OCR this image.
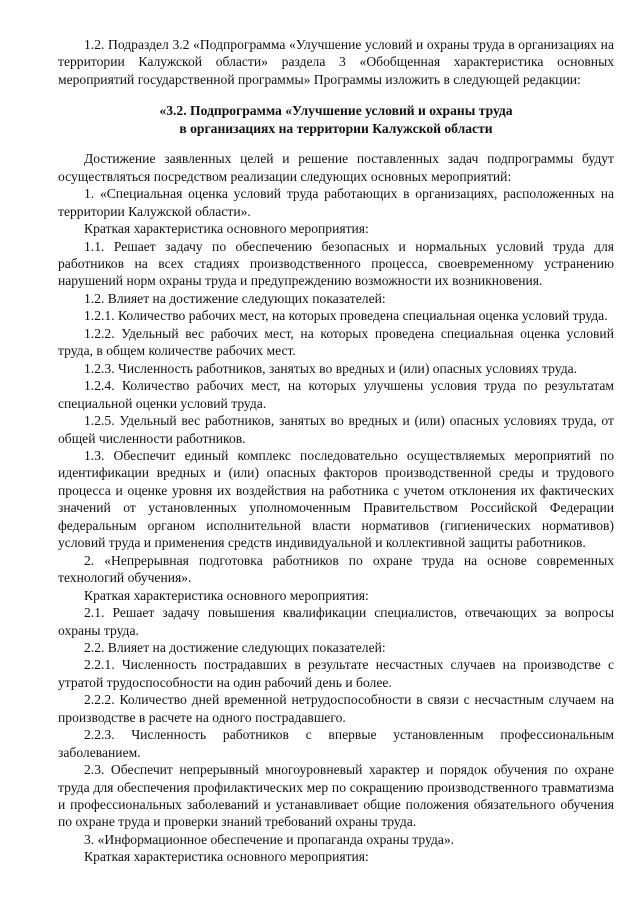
1.2. Подраздел 3.2 «Подпрограмма «Улучшение условий и охраны труда в организациях на территории Калужской области» раздела 3 «Обобщенная характеристика основных мероприятий государственной программы» Программы изложить в следующей редакции:

«3.2. Подпрограмма «Улучшение условий и охраны труда
в организациях на территории Калужской области

Достижение заявленных целей и решение поставленных задач подпрограммы будут осуществляться посредством реализации следующих основных мероприятий:

1. «Специальная оценка условий труда работающих в организациях, расположенных на территории Калужской области».

Краткая характеристика основного мероприятия:

1.1. Решает задачу по обеспечению безопасных и нормальных условий труда для работников на всех стадиях производственного процесса, своевременному устранению нарушений норм охраны труда и предупреждению возможности их возникновения.

1.2. Влияет на достижение следующих показателей:

1.2.1. Количество рабочих мест, на которых проведена специальная оценка условий труда.

1.2.2. Удельный вес рабочих мест, на которых проведена специальная оценка условий труда, в общем количестве рабочих мест.

1.2.3. Численность работников, занятых во вредных и (или) опасных условиях труда.

1.2.4. Количество рабочих мест, на которых улучшены условия труда по результатам специальной оценки условий труда.

1.2.5. Удельный вес работников, занятых во вредных и (или) опасных условиях труда, от общей численности работников.

1.3. Обеспечит единый комплекс последовательно осуществляемых мероприятий по идентификации вредных и (или) опасных факторов производственной среды и трудового процесса и оценке уровня их воздействия на работника с учетом отклонения их фактических значений от установленных уполномоченным Правительством Российской Федерации федеральным органом исполнительной власти нормативов (гигиенических нормативов) условий труда и применения средств индивидуальной и коллективной защиты работников.

2. «Непрерывная подготовка работников по охране труда на основе современных технологий обучения».

Краткая характеристика основного мероприятия:

2.1. Решает задачу повышения квалификации специалистов, отвечающих за вопросы охраны труда.

2.2. Влияет на достижение следующих показателей:

2.2.1. Численность пострадавших в результате несчастных случаев на производстве с утратой трудоспособности на один рабочий день и более.

2.2.2. Количество дней временной нетрудоспособности в связи с несчастным случаем на производстве в расчете на одного пострадавшего.

2.2.3. Численность работников с впервые установленным профессиональным заболеванием.

2.3. Обеспечит непрерывный многоуровневый характер и порядок обучения по охране труда для обеспечения профилактических мер по сокращению производственного травматизма и профессиональных заболеваний и устанавливает общие положения обязательного обучения по охране труда и проверки знаний требований охраны труда.

3. «Информационное обеспечение и пропаганда охраны труда».

Краткая характеристика основного мероприятия:
